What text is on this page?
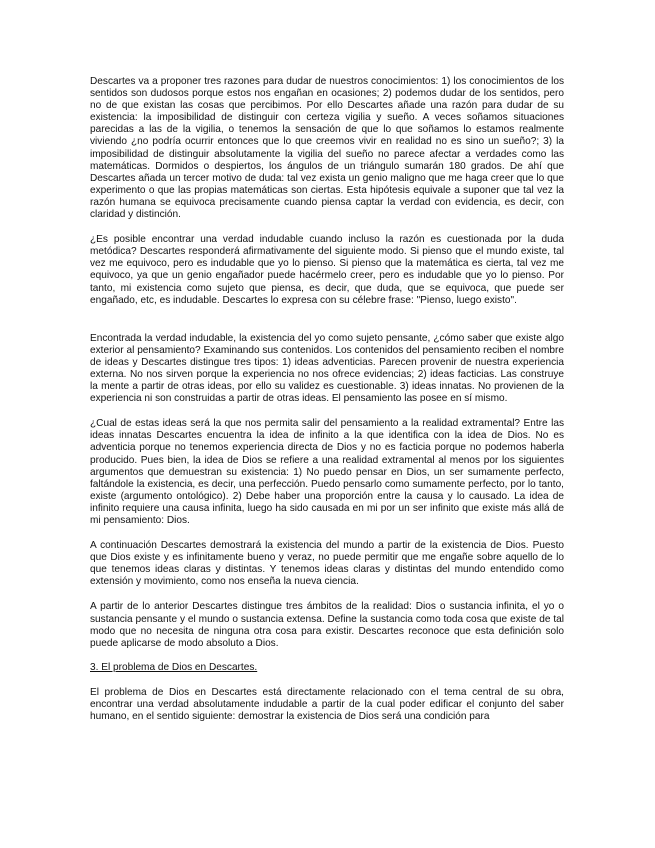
Descartes va a proponer tres razones para dudar de nuestros conocimientos: 1) los conocimientos de los sentidos son dudosos porque estos nos engañan en ocasiones; 2) podemos dudar de los sentidos, pero no de que existan las cosas que percibimos. Por ello Descartes añade una razón para dudar de su existencia: la imposibilidad de distinguir con certeza vigilia y sueño. A veces soñamos situaciones parecidas a las de la vigilia, o tenemos la sensación de que lo que soñamos lo estamos realmente viviendo ¿no podría ocurrir entonces que lo que creemos vivir en realidad no es sino un sueño?; 3) la imposibilidad de distinguir absolutamente la vigilia del sueño no parece afectar a verdades como las matemáticas. Dormidos o despiertos, los ángulos de un triángulo sumarán 180 grados. De ahí que Descartes añada un tercer motivo de duda: tal vez exista un genio maligno que me haga creer que lo que experimento o que las propias matemáticas son ciertas. Esta hipótesis equivale a suponer que tal vez la razón humana se equivoca precisamente cuando piensa captar la verdad con evidencia, es decir, con claridad y distinción.

¿Es posible encontrar una verdad indudable cuando incluso la razón es cuestionada por la duda metódica? Descartes responderá afirmativamente del siguiente modo. Si pienso que el mundo existe, tal vez me equivoco, pero es indudable que yo lo pienso. Si pienso que la matemática es cierta, tal vez me equivoco, ya que un genio engañador puede hacérmelo creer, pero es indudable que yo lo pienso. Por tanto, mi existencia como sujeto que piensa, es decir, que duda, que se equivoca, que puede ser engañado, etc, es indudable. Descartes lo expresa con su célebre frase: "Pienso, luego existo".

Encontrada la verdad indudable, la existencia del yo como sujeto pensante, ¿cómo saber que existe algo exterior al pensamiento? Examinando sus contenidos. Los contenidos del pensamiento reciben el nombre de ideas y Descartes distingue tres tipos: 1) ideas adventicias. Parecen provenir de nuestra experiencia externa. No nos sirven porque la experiencia no nos ofrece evidencias; 2) ideas facticias. Las construye la mente a partir de otras ideas, por ello su validez es cuestionable. 3) ideas innatas. No provienen de la experiencia ni son construidas a partir de otras ideas. El pensamiento las posee en sí mismo.

¿Cual de estas ideas será la que nos permita salir del pensamiento a la realidad extramental? Entre las ideas innatas Descartes encuentra la idea de infinito a la que identifica con la idea de Dios. No es adventicia porque no tenemos experiencia directa de Dios y no es facticia porque no podemos haberla producido. Pues bien, la idea de Dios se refiere a una realidad extramental al menos por los siguientes argumentos que demuestran su existencia: 1) No puedo pensar en Dios, un ser sumamente perfecto, faltándole la existencia, es decir, una perfección. Puedo pensarlo como sumamente perfecto, por lo tanto, existe (argumento ontológico). 2) Debe haber una proporción entre la causa y lo causado. La idea de infinito requiere una causa infinita, luego ha sido causada en mi por un ser infinito que existe más allá de mi pensamiento: Dios.

A continuación Descartes demostrará la existencia del mundo a partir de la existencia de Dios. Puesto que Dios existe y es infinitamente bueno y veraz, no puede permitir que me engañe sobre aquello de lo que tenemos ideas claras y distintas. Y tenemos ideas claras y distintas del mundo entendido como extensión y movimiento, como nos enseña la nueva ciencia.

A partir de lo anterior Descartes distingue tres ámbitos de la realidad: Dios o sustancia infinita, el yo o sustancia pensante y el mundo o sustancia extensa. Define la sustancia como toda cosa que existe de tal modo que no necesita de ninguna otra cosa para existir. Descartes reconoce que esta definición solo puede aplicarse de modo absoluto a Dios.

3. El problema de Dios en Descartes.

El problema de Dios en Descartes está directamente relacionado con el tema central de su obra, encontrar una verdad absolutamente indudable a partir de la cual poder edificar el conjunto del saber humano, en el sentido siguiente: demostrar la existencia de Dios será una condición para
